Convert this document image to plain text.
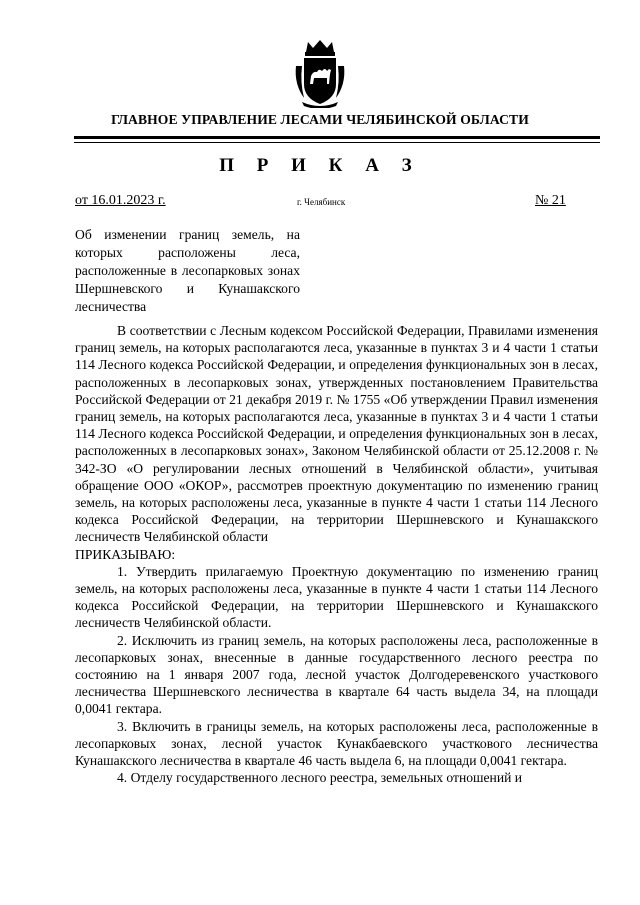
ГЛАВНОЕ УПРАВЛЕНИЕ ЛЕСАМИ ЧЕЛЯБИНСКОЙ ОБЛАСТИ
П Р И К А З
от 16.01.2023 г.	г. Челябинск	№ 21
Об изменении границ земель, на которых расположены леса, расположенные в лесопарковых зонах Шершневского и Кунашакского лесничества

В соответствии с Лесным кодексом Российской Федерации, Правилами изменения границ земель, на которых располагаются леса, указанные в пунктах 3 и 4 части 1 статьи 114 Лесного кодекса Российской Федерации, и определения функциональных зон в лесах, расположенных в лесопарковых зонах, утвержденных постановлением Правительства Российской Федерации от 21 декабря 2019 г. № 1755 «Об утверждении Правил изменения границ земель, на которых располагаются леса, указанные в пунктах 3 и 4 части 1 статьи 114 Лесного кодекса Российской Федерации, и определения функциональных зон в лесах, расположенных в лесопарковых зонах», Законом Челябинской области от 25.12.2008 г. № 342-ЗО «О регулировании лесных отношений в Челябинской области», учитывая обращение ООО «ОКОР», рассмотрев проектную документацию по изменению границ земель, на которых расположены леса, указанные в пункте 4 части 1 статьи 114 Лесного кодекса Российской Федерации, на территории Шершневского и Кунашакского лесничеств Челябинской области

ПРИКАЗЫВАЮ:

1. Утвердить прилагаемую Проектную документацию по изменению границ земель, на которых расположены леса, указанные в пункте 4 части 1 статьи 114 Лесного кодекса Российской Федерации, на территории Шершневского и Кунашакского лесничеств Челябинской области.

2. Исключить из границ земель, на которых расположены леса, расположенные в лесопарковых зонах, внесенные в данные государственного лесного реестра по состоянию на 1 января 2007 года, лесной участок Долгодеревенского участкового лесничества Шершневского лесничества в квартале 64 часть выдела 34, на площади 0,0041 гектара.

3. Включить в границы земель, на которых расположены леса, расположенные в лесопарковых зонах, лесной участок Кунакбаевского участкового лесничества Кунашакского лесничества в квартале 46 часть выдела 6, на площади 0,0041 гектара.

4. Отделу государственного лесного реестра, земельных отношений и
